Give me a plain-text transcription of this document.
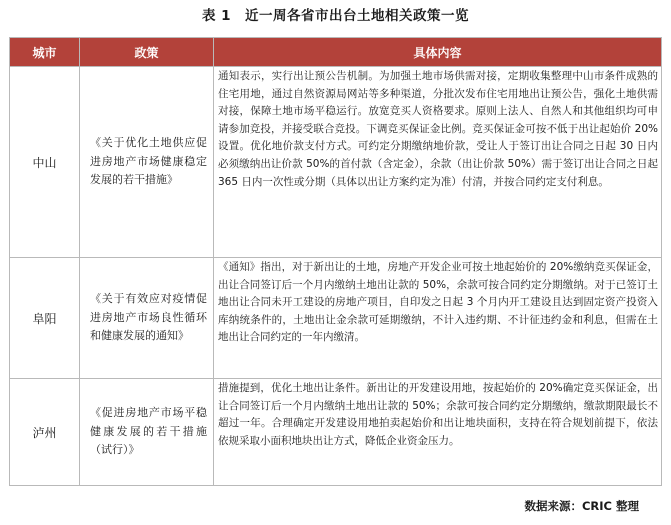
表 1　近一周各省市出台土地相关政策一览
城市	政策	具体内容
中山	《关于优化土地供应促进房地产市场健康稳定发展的若干措施》	通知表示，实行出让预公告机制。为加强土地市场供需对接，定期收集整理中山市条件成熟的住宅用地，通过自然资源局网站等多种渠道，分批次发布住宅用地出让预公告，强化土地供需对接，保障土地市场平稳运行。放宽竞买人资格要求。原则上法人、自然人和其他组织均可申请参加竞投，并接受联合竞投。下调竞买保证金比例。竞买保证金可按不低于出让起始价 20%设置。优化地价款支付方式。可约定分期缴纳地价款，受让人于签订出让合同之日起 30 日内必须缴纳出让价款 50%的首付款（含定金），余款（出让价款 50%）需于签订出让合同之日起 365 日内一次性或分期（具体以出让方案约定为准）付清，并按合同约定支付利息。
阜阳	《关于有效应对疫情促进房地产市场良性循环和健康发展的通知》	《通知》指出，对于新出让的土地，房地产开发企业可按土地起始价的 20%缴纳竞买保证金，出让合同签订后一个月内缴纳土地出让款的 50%，余款可按合同约定分期缴纳。对于已签订土地出让合同未开工建设的房地产项目，自印发之日起 3 个月内开工建设且达到固定资产投资入库纳统条件的，土地出让金余款可延期缴纳，不计入违约期、不计征违约金和利息，但需在土地出让合同约定的一年内缴清。
泸州	《促进房地产市场平稳健康发展的若干措施（试行）》	措施提到，优化土地出让条件。新出让的开发建设用地，按起始价的 20%确定竞买保证金，出让合同签订后一个月内缴纳土地出让款的 50%；余款可按合同约定分期缴纳，缴款期限最长不超过一年。合理确定开发建设用地拍卖起始价和出让地块面积，支持在符合规划前提下，依法依规采取小面积地块出让方式，降低企业资金压力。
数据来源：CRIC 整理
